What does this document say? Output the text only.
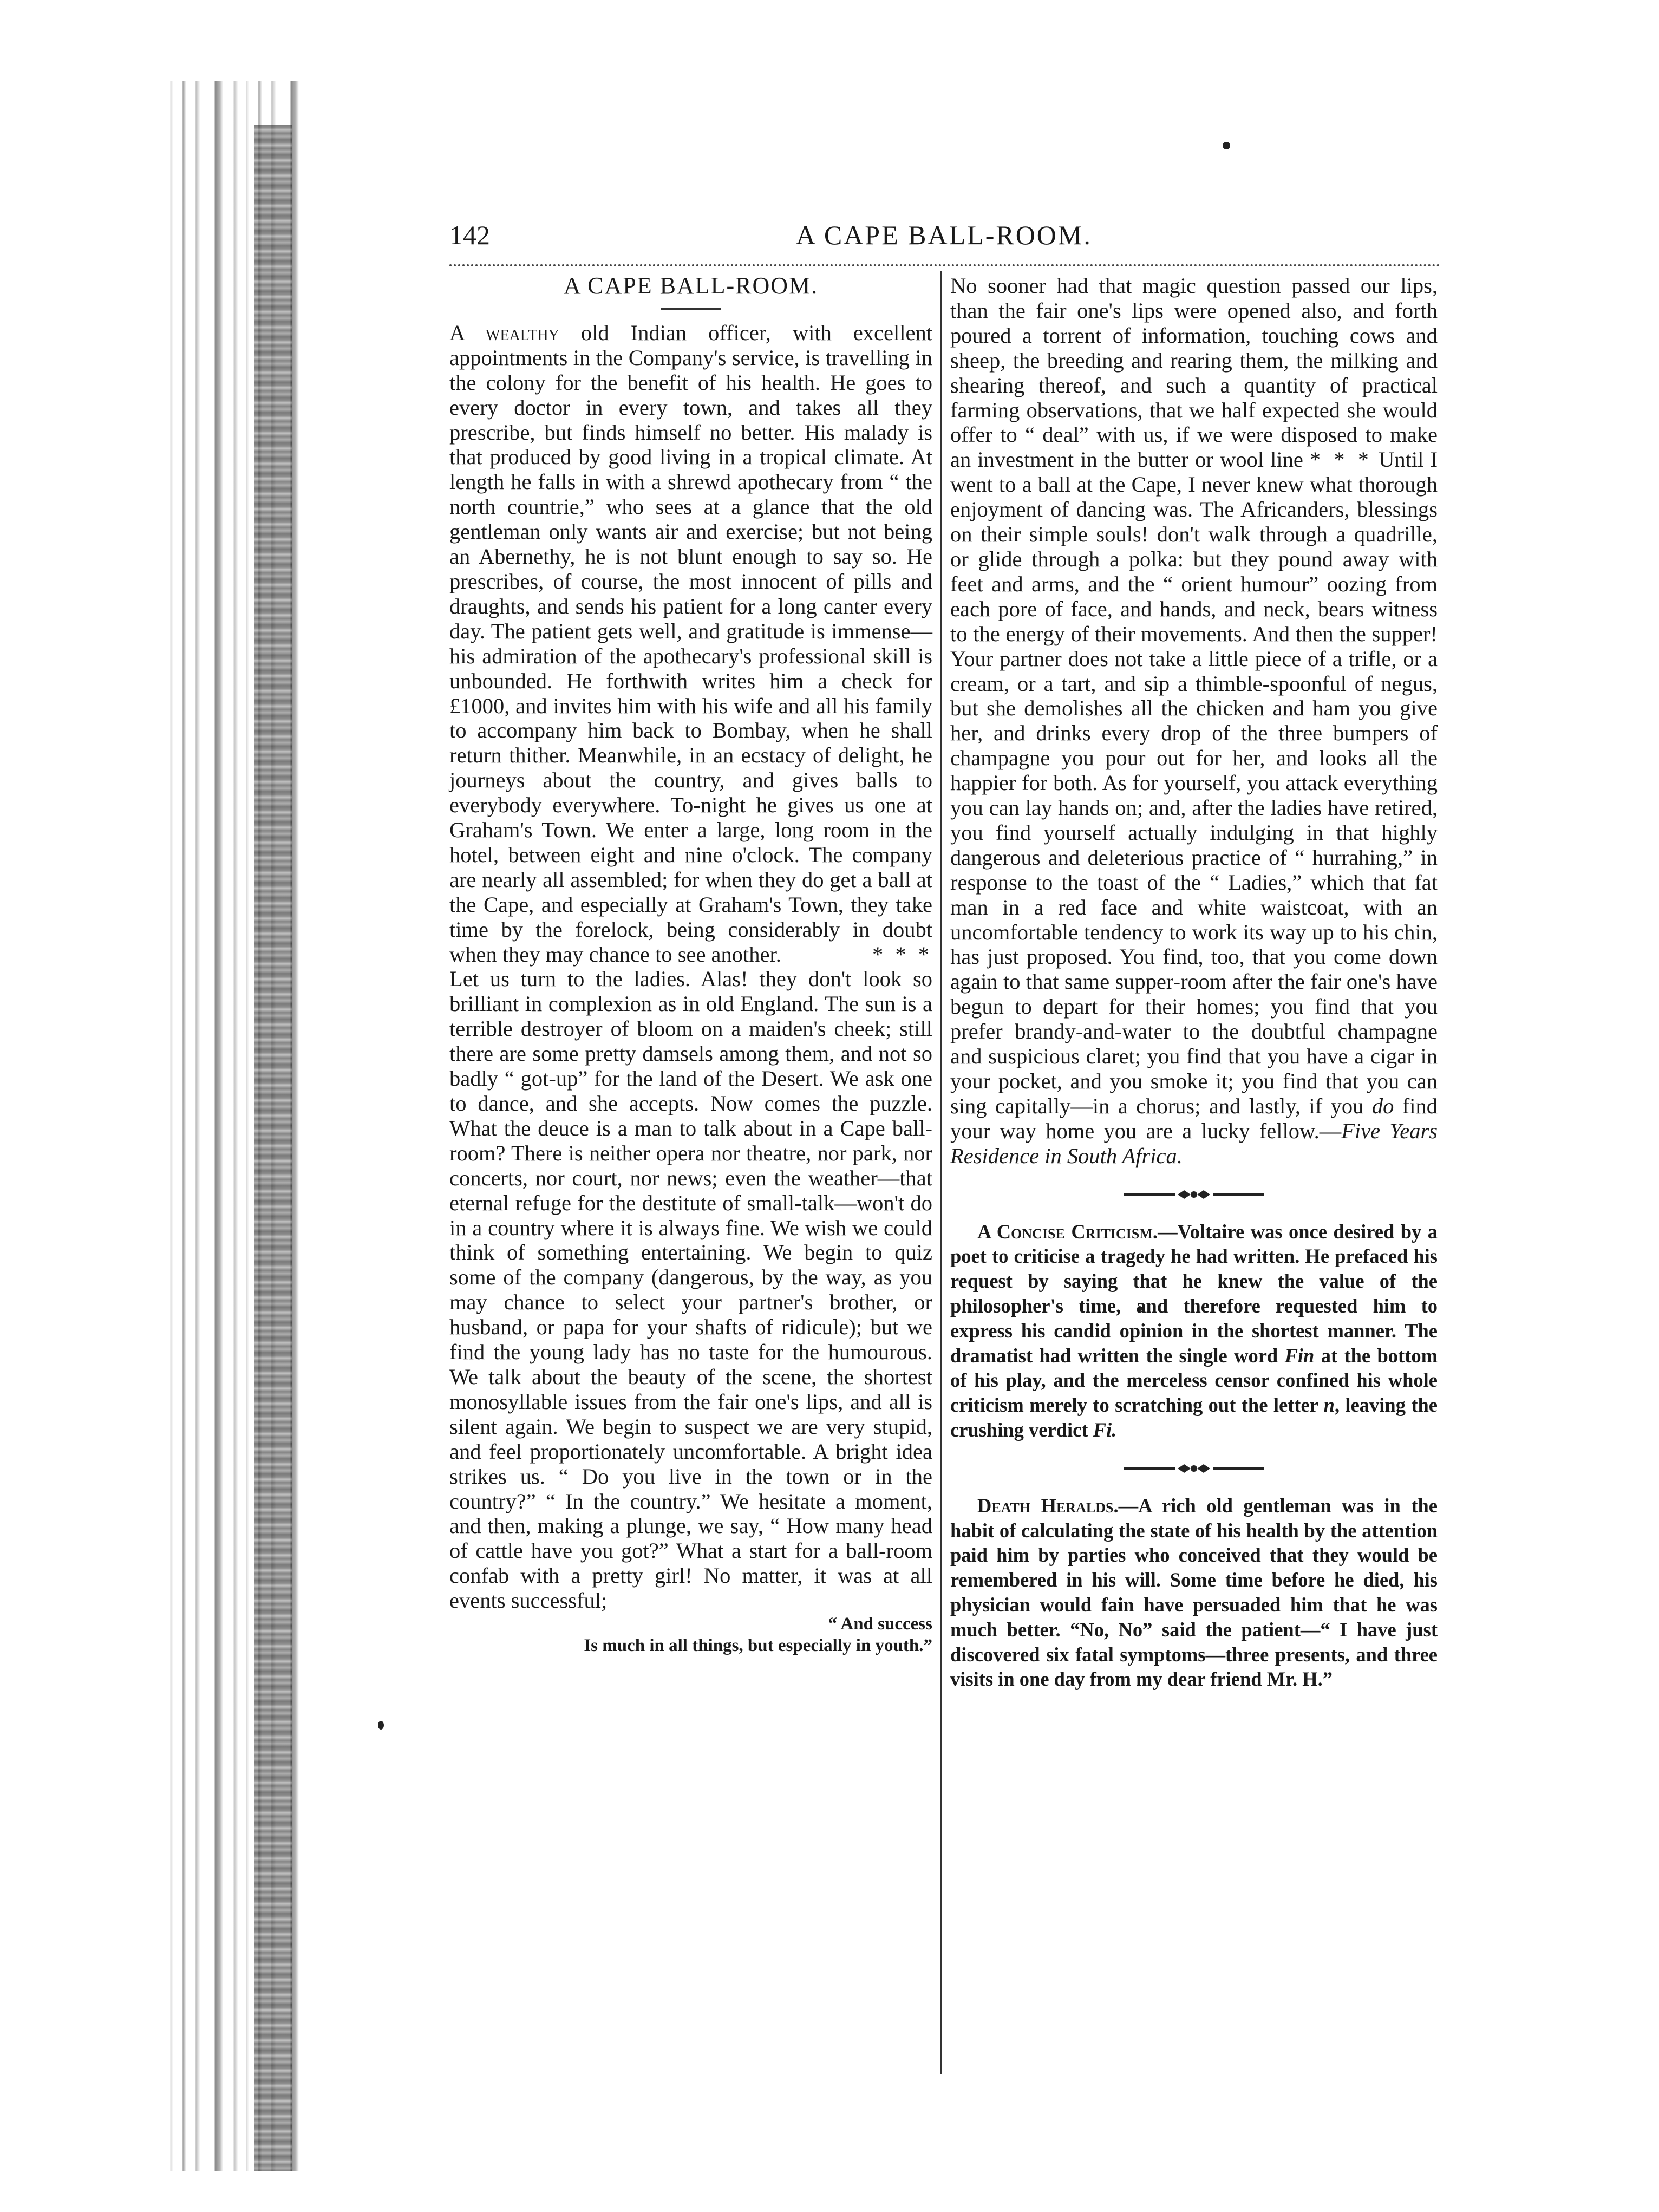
142	A CAPE BALL-ROOM.

A CAPE BALL-ROOM.

A wealthy old Indian officer, with excellent appointments in the Company's service, is travelling in the colony for the benefit of his health. He goes to every doctor in every town, and takes all they prescribe, but finds himself no better. His malady is that produced by good living in a tropical climate. At length he falls in with a shrewd apothecary from “ the north countrie,” who sees at a glance that the old gentleman only wants air and exercise; but not being an Abernethy, he is not blunt enough to say so. He prescribes, of course, the most innocent of pills and draughts, and sends his patient for a long canter every day. The patient gets well, and gratitude is immense—his admiration of the apothecary's professional skill is unbounded. He forthwith writes him a check for £1000, and invites him with his wife and all his family to accompany him back to Bombay, when he shall return thither. Meanwhile, in an ecstacy of delight, he journeys about the country, and gives balls to everybody everywhere. To-night he gives us one at Graham's Town. We enter a large, long room in the hotel, between eight and nine o'clock. The company are nearly all assembled; for when they do get a ball at the Cape, and especially at Graham's Town, they take time by the forelock, being considerably in doubt when they may chance to see another.	* * *

Let us turn to the ladies. Alas! they don't look so brilliant in complexion as in old England. The sun is a terrible destroyer of bloom on a maiden's cheek; still there are some pretty damsels among them, and not so badly “ got-up” for the land of the Desert. We ask one to dance, and she accepts. Now comes the puzzle. What the deuce is a man to talk about in a Cape ball-room? There is neither opera nor theatre, nor park, nor concerts, nor court, nor news; even the weather—that eternal refuge for the destitute of small-talk—won't do in a country where it is always fine. We wish we could think of something entertaining. We begin to quiz some of the company (dangerous, by the way, as you may chance to select your partner's brother, or husband, or papa for your shafts of ridicule); but we find the young lady has no taste for the humourous. We talk about the beauty of the scene, the shortest monosyllable issues from the fair one's lips, and all is silent again. We begin to suspect we are very stupid, and feel proportionately uncomfortable. A bright idea strikes us. “ Do you live in the town or in the country?” “ In the country.” We hesitate a moment, and then, making a plunge, we say, “ How many head of cattle have you got?” What a start for a ball-room confab with a pretty girl! No matter, it was at all events successful;

“ And success
Is much in all things, but especially in youth.”

No sooner had that magic question passed our lips, than the fair one's lips were opened also, and forth poured a torrent of information, touching cows and sheep, the breeding and rearing them, the milking and shearing thereof, and such a quantity of practical farming observations, that we half expected she would offer to “ deal” with us, if we were disposed to make an investment in the butter or wool line * * * Until I went to a ball at the Cape, I never knew what thorough enjoyment of dancing was. The Africanders, blessings on their simple souls! don't walk through a quadrille, or glide through a polka: but they pound away with feet and arms, and the “ orient humour” oozing from each pore of face, and hands, and neck, bears witness to the energy of their movements. And then the supper! Your partner does not take a little piece of a trifle, or a cream, or a tart, and sip a thimble-spoonful of negus, but she demolishes all the chicken and ham you give her, and drinks every drop of the three bumpers of champagne you pour out for her, and looks all the happier for both. As for yourself, you attack everything you can lay hands on; and, after the ladies have retired, you find yourself actually indulging in that highly dangerous and deleterious practice of “ hurrahing,” in response to the toast of the “ Ladies,” which that fat man in a red face and white waistcoat, with an uncomfortable tendency to work its way up to his chin, has just proposed. You find, too, that you come down again to that same supper-room after the fair one's have begun to depart for their homes; you find that you prefer brandy-and-water to the doubtful champagne and suspicious claret; you find that you have a cigar in your pocket, and you smoke it; you find that you can sing capitally—in a chorus; and lastly, if you do find your way home you are a lucky fellow.—Five Years Residence in South Africa.

A Concise Criticism.—Voltaire was once desired by a poet to criticise a tragedy he had written. He prefaced his request by saying that he knew the value of the philosopher's time, and therefore requested him to express his candid opinion in the shortest manner. The dramatist had written the single word Fin at the bottom of his play, and the merceless censor confined his whole criticism merely to scratching out the letter n, leaving the crushing verdict Fi.

Death Heralds.—A rich old gentleman was in the habit of calculating the state of his health by the attention paid him by parties who conceived that they would be remembered in his will. Some time before he died, his physician would fain have persuaded him that he was much better. “No, No” said the patient—“ I have just discovered six fatal symptoms—three presents, and three visits in one day from my dear friend Mr. H.”
